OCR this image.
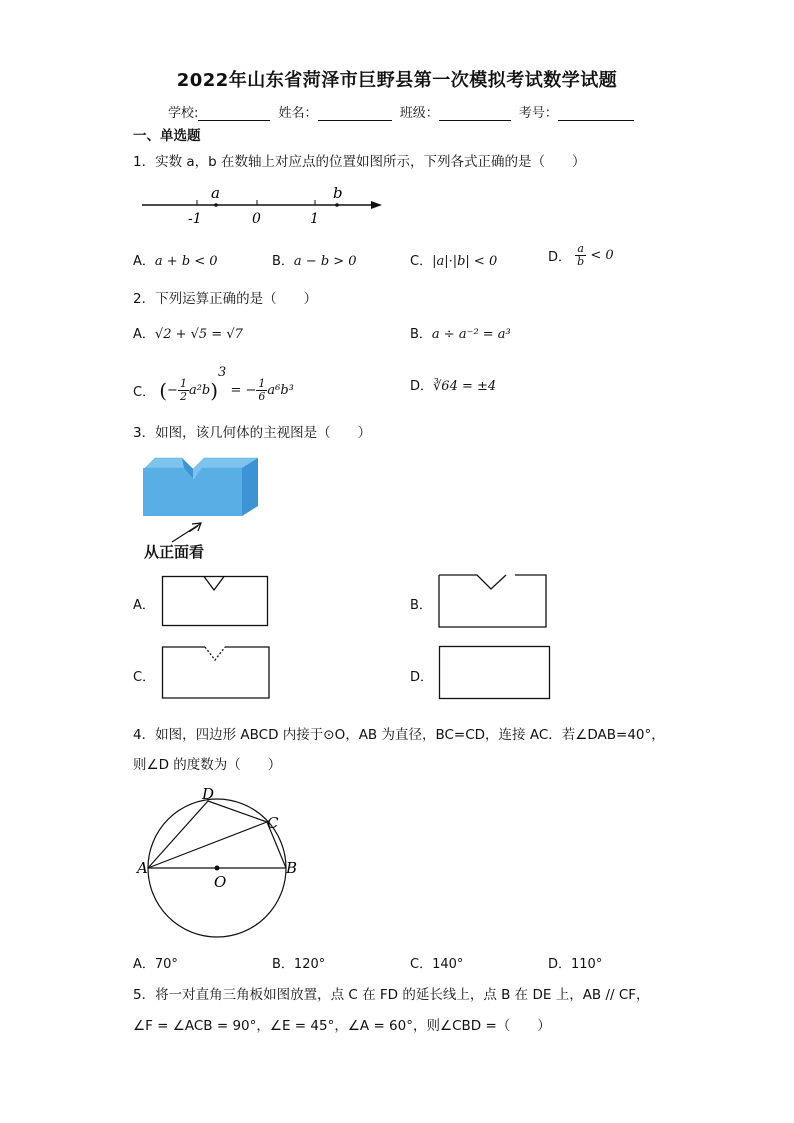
2022年山东省菏泽市巨野县第一次模拟考试数学试题
学校:	姓名：	班级：	考号：
一、单选题
1．实数 a，b 在数轴上对应点的位置如图所示，下列各式正确的是（　　）
a	b
-1	0	1
A．a + b < 0	B．a − b > 0	C．|a|·|b| < 0	D． $\frac{a}{b} < 0$
2．下列运算正确的是（　　）
A．√2 + √5 = √7	B．a ÷ a⁻² = a³
C． (− $\frac{1}{2} a^2b)^3$ = − $\frac{1}{6} a^6b^3$	D．∛64 = ±4
3．如图，该几何体的主视图是（　　）
从正面看
A．	B．
C．	D．
4．如图，四边形 ABCD 内接于⊙O，AB 为直径，BC=CD，连接 AC．若∠DAB=40°，
则∠D 的度数为（　　）
A	B
C
D
O
A．70°	B．120°	C．140°	D．110°
5．将一对直角三角板如图放置，点 C 在 FD 的延长线上，点 B 在 DE 上，AB // CF，
∠F = ∠ACB = 90°，∠E = 45°，∠A = 60°，则∠CBD =（　　）
